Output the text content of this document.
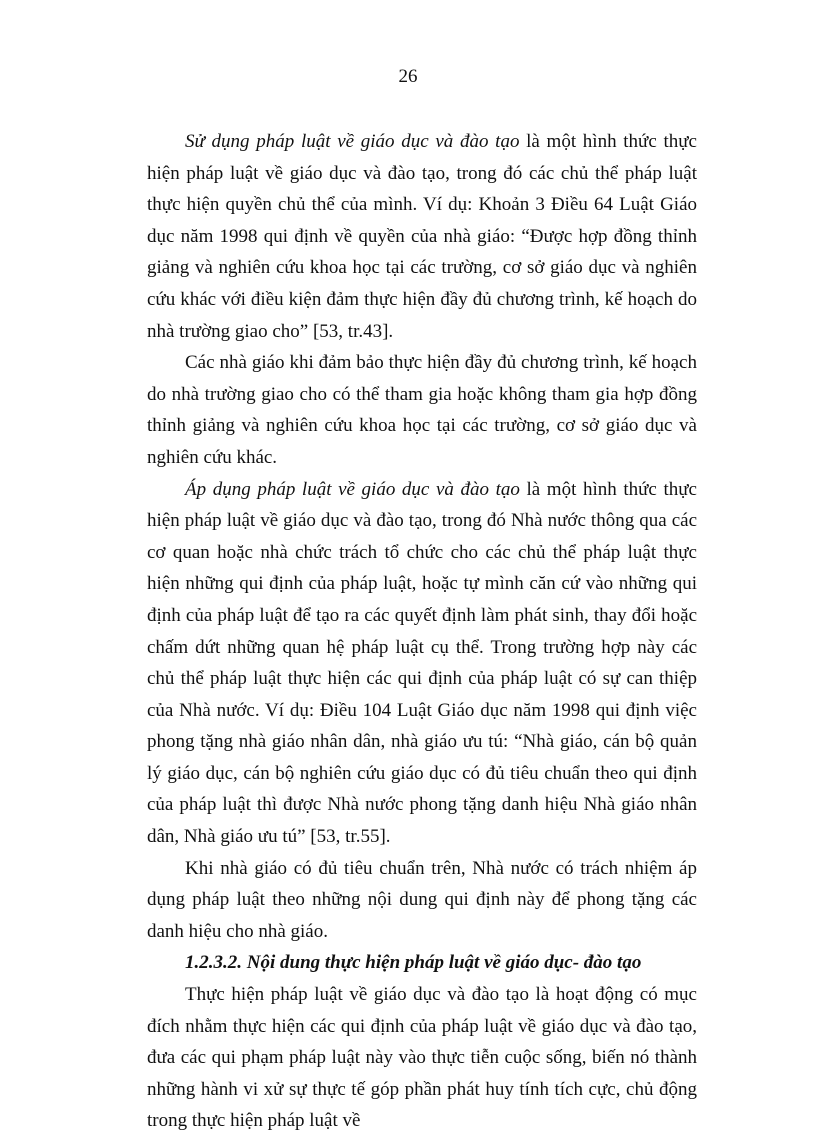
26

Sử dụng pháp luật về giáo dục và đào tạo là một hình thức thực hiện pháp luật về giáo dục và đào tạo, trong đó các chủ thể pháp luật thực hiện quyền chủ thể của mình. Ví dụ: Khoản 3 Điều 64 Luật Giáo dục năm 1998 qui định về quyền của nhà giáo: “Được hợp đồng thỉnh giảng và nghiên cứu khoa học tại các trường, cơ sở giáo dục và nghiên cứu khác với điều kiện đảm thực hiện đầy đủ chương trình, kế hoạch do nhà trường giao cho” [53, tr.43].

Các nhà giáo khi đảm bảo thực hiện đầy đủ chương trình, kế hoạch do nhà trường giao cho có thể tham gia hoặc không tham gia hợp đồng thỉnh giảng và nghiên cứu khoa học tại các trường, cơ sở giáo dục và nghiên cứu khác.

Áp dụng pháp luật về giáo dục và đào tạo là một hình thức thực hiện pháp luật về giáo dục và đào tạo, trong đó Nhà nước thông qua các cơ quan hoặc nhà chức trách tổ chức cho các chủ thể pháp luật thực hiện những qui định của pháp luật, hoặc tự mình căn cứ vào những qui định của pháp luật để tạo ra các quyết định làm phát sinh, thay đổi hoặc chấm dứt những quan hệ pháp luật cụ thể. Trong trường hợp này các chủ thể pháp luật thực hiện các qui định của pháp luật có sự can thiệp của Nhà nước. Ví dụ: Điều 104 Luật Giáo dục năm 1998 qui định việc phong tặng nhà giáo nhân dân, nhà giáo ưu tú: “Nhà giáo, cán bộ quản lý giáo dục, cán bộ nghiên cứu giáo dục có đủ tiêu chuẩn theo qui định của pháp luật thì được Nhà nước phong tặng danh hiệu Nhà giáo nhân dân, Nhà giáo ưu tú” [53, tr.55].

Khi nhà giáo có đủ tiêu chuẩn trên, Nhà nước có trách nhiệm áp dụng pháp luật theo những nội dung qui định này để phong tặng các danh hiệu cho nhà giáo.

1.2.3.2. Nội dung thực hiện pháp luật về giáo dục- đào tạo

Thực hiện pháp luật về giáo dục và đào tạo là hoạt động có mục đích nhằm thực hiện các qui định của pháp luật về giáo dục và đào tạo, đưa các qui phạm pháp luật này vào thực tiễn cuộc sống, biến nó thành những hành vi xử sự thực tế góp phần phát huy tính tích cực, chủ động trong thực hiện pháp luật về
